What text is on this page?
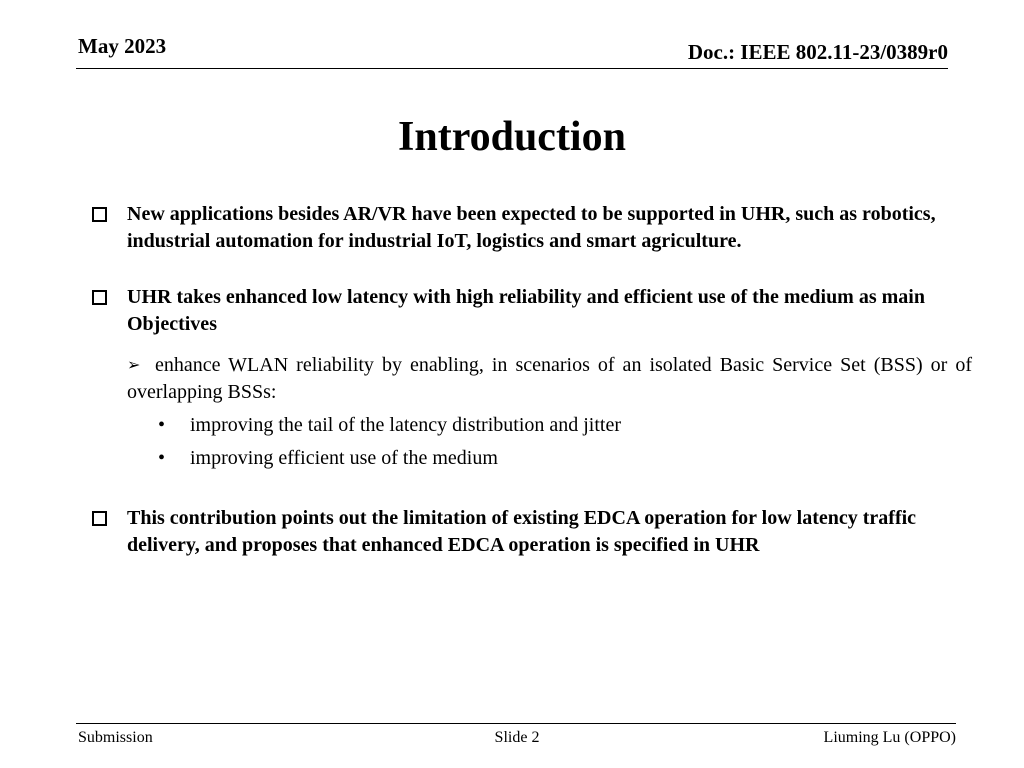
May 2023	Doc.: IEEE 802.11-23/0389r0
Introduction
New applications besides AR/VR have been expected to be supported in UHR, such as robotics, industrial automation for industrial IoT, logistics and smart agriculture.
UHR takes enhanced low latency with high reliability and efficient use of the medium as main Objectives
➢ enhance WLAN reliability by enabling, in scenarios of an isolated Basic Service Set (BSS) or of overlapping BSSs:
• improving the tail of the latency distribution and jitter
• improving efficient use of the medium
This contribution points out the limitation of existing EDCA operation for low latency traffic delivery, and proposes that enhanced EDCA operation is specified in UHR
Submission	Slide 2	Liuming Lu (OPPO)
